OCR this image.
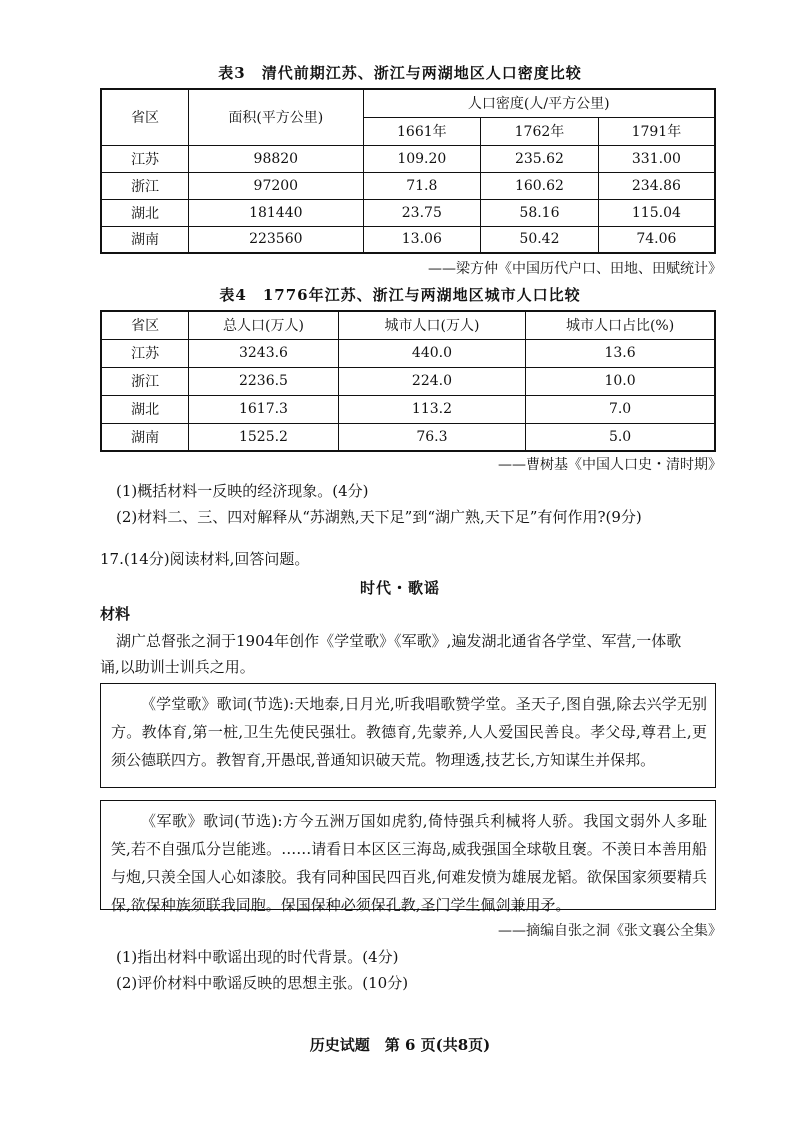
表3　清代前期江苏、浙江与两湖地区人口密度比较
省区	面积(平方公里)	人口密度(人/平方公里)		
		1661年	1762年	1791年
江苏	98820	109.20	235.62	331.00
浙江	97200	71.8	160.62	234.86
湖北	181440	23.75	58.16	115.04
湖南	223560	13.06	50.42	74.06
——梁方仲《中国历代户口、田地、田赋统计》
表4　1776年江苏、浙江与两湖地区城市人口比较
省区	总人口(万人)	城市人口(万人)	城市人口占比(%)
江苏	3243.6	440.0	13.6
浙江	2236.5	224.0	10.0
湖北	1617.3	113.2	7.0
湖南	1525.2	76.3	5.0
——曹树基《中国人口史・清时期》
(1)概括材料一反映的经济现象。(4分)
(2)材料二、三、四对解释从“苏湖熟,天下足”到“湖广熟,天下足”有何作用?(9分)
17.(14分)阅读材料,回答问题。
时代・歌谣
材料
湖广总督张之洞于1904年创作《学堂歌》《军歌》,遍发湖北通省各学堂、军营,一体歌
诵,以助训士训兵之用。
《学堂歌》歌词(节选):天地泰,日月光,听我唱歌赞学堂。圣天子,图自强,除去兴学无别方。教体育,第一桩,卫生先使民强壮。教德育,先蒙养,人人爱国民善良。孝父母,尊君上,更须公德联四方。教智育,开愚氓,普通知识破天荒。物理透,技艺长,方知谋生并保邦。
《军歌》歌词(节选):方今五洲万国如虎豹,倚恃强兵利械将人骄。我国文弱外人多耻笑,若不自强瓜分岂能逃。……请看日本区区三海岛,威我强国全球敬且褒。不羡日本善用船与炮,只羡全国人心如漆胶。我有同种国民四百兆,何难发愤为雄展龙韬。欲保国家须要精兵保,欲保种族须联我同胞。保国保种必须保孔教,圣门学生佩剑兼用矛。
——摘编自张之洞《张文襄公全集》
(1)指出材料中歌谣出现的时代背景。(4分)
(2)评价材料中歌谣反映的思想主张。(10分)
历史试题　第 6 页(共8页)
